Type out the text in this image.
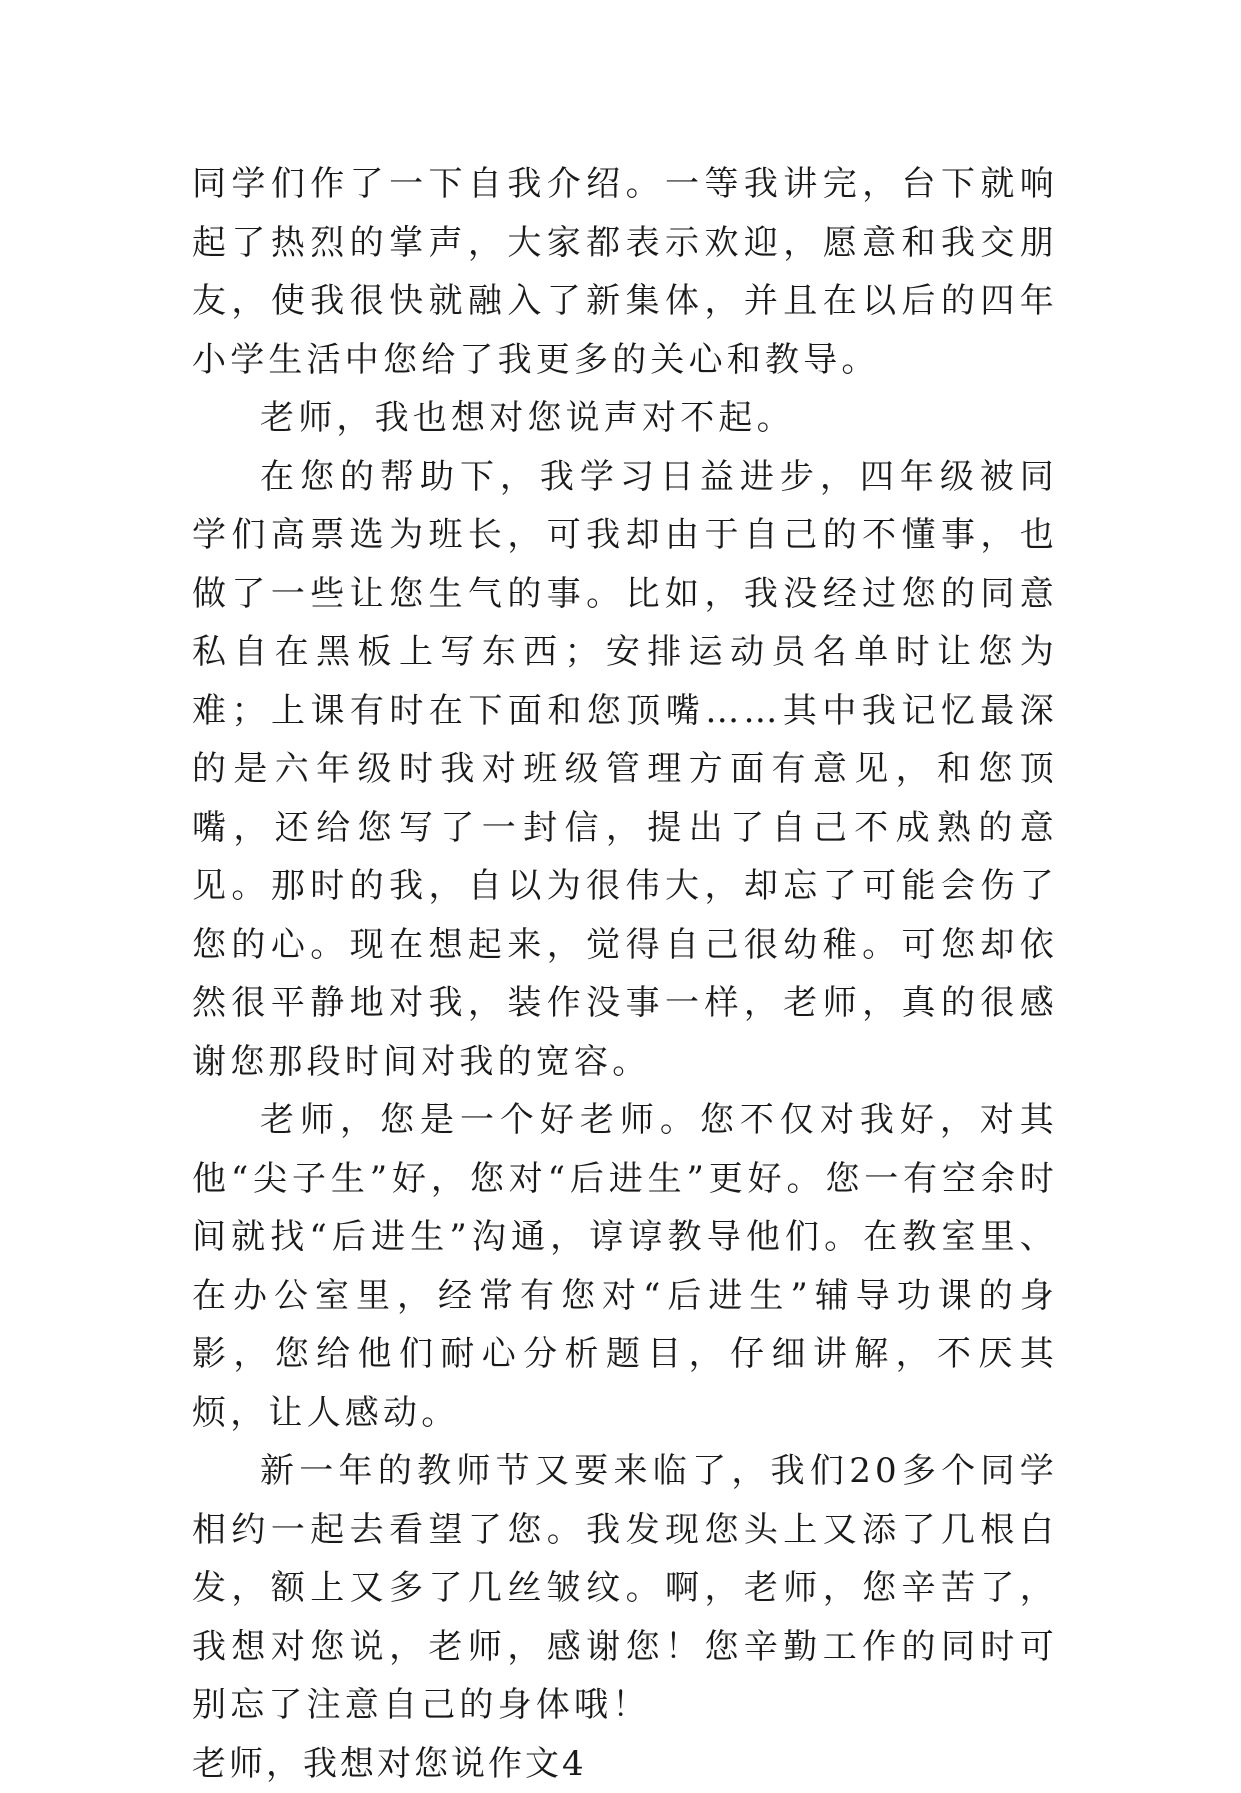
同学们作了一下自我介绍。一等我讲完，台下就响起了热烈的掌声，大家都表示欢迎，愿意和我交朋友，使我很快就融入了新集体，并且在以后的四年小学生活中您给了我更多的关心和教导。

老师，我也想对您说声对不起。

在您的帮助下，我学习日益进步，四年级被同学们高票选为班长，可我却由于自己的不懂事，也做了一些让您生气的事。比如，我没经过您的同意私自在黑板上写东西；安排运动员名单时让您为难；上课有时在下面和您顶嘴……其中我记忆最深的是六年级时我对班级管理方面有意见，和您顶嘴，还给您写了一封信，提出了自己不成熟的意见。那时的我，自以为很伟大，却忘了可能会伤了您的心。现在想起来，觉得自己很幼稚。可您却依然很平静地对我，装作没事一样，老师，真的很感谢您那段时间对我的宽容。

老师，您是一个好老师。您不仅对我好，对其他“尖子生”好，您对“后进生”更好。您一有空余时间就找“后进生”沟通，谆谆教导他们。在教室里、在办公室里，经常有您对“后进生”辅导功课的身影，您给他们耐心分析题目，仔细讲解，不厌其烦，让人感动。

新一年的教师节又要来临了，我们20多个同学相约一起去看望了您。我发现您头上又添了几根白发，额上又多了几丝皱纹。啊，老师，您辛苦了，我想对您说，老师，感谢您！您辛勤工作的同时可别忘了注意自己的身体哦！

老师，我想对您说作文4
